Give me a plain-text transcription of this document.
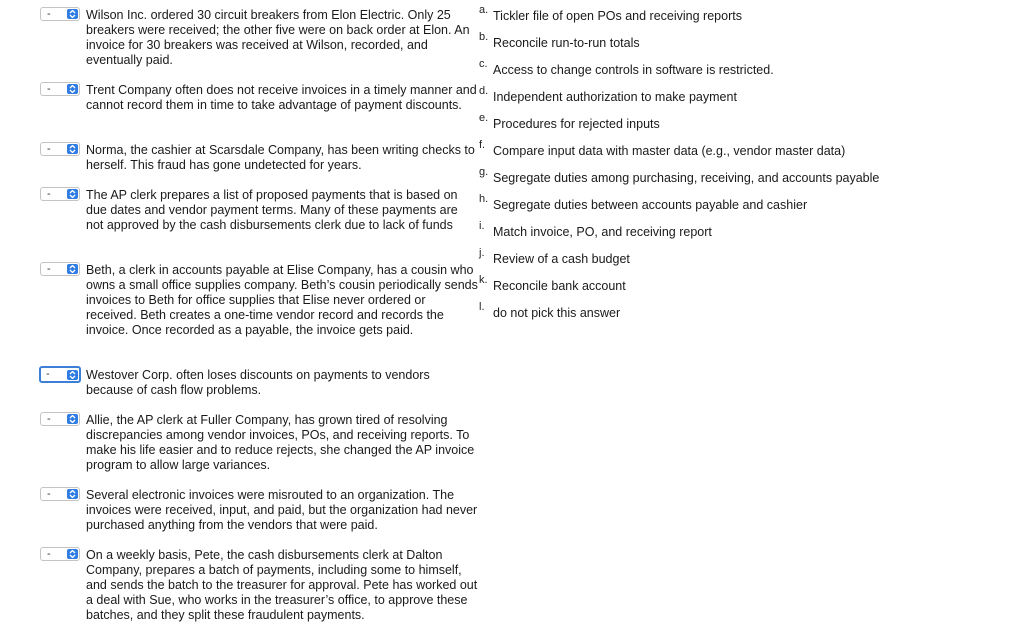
-	Wilson Inc. ordered 30 circuit breakers from Elon Electric. Only 25 breakers were received; the other five were on back order at Elon. An invoice for 30 breakers was received at Wilson, recorded, and eventually paid.
-	Trent Company often does not receive invoices in a timely manner and cannot record them in time to take advantage of payment discounts.
-	Norma, the cashier at Scarsdale Company, has been writing checks to herself. This fraud has gone undetected for years.
-	The AP clerk prepares a list of proposed payments that is based on due dates and vendor payment terms. Many of these payments are not approved by the cash disbursements clerk due to lack of funds
-	Beth, a clerk in accounts payable at Elise Company, has a cousin who owns a small office supplies company. Beth’s cousin periodically sends invoices to Beth for office supplies that Elise never ordered or received. Beth creates a one-time vendor record and records the invoice. Once recorded as a payable, the invoice gets paid.
-	Westover Corp. often loses discounts on payments to vendors because of cash flow problems.
-	Allie, the AP clerk at Fuller Company, has grown tired of resolving discrepancies among vendor invoices, POs, and receiving reports. To make his life easier and to reduce rejects, she changed the AP invoice program to allow large variances.
-	Several electronic invoices were misrouted to an organization. The invoices were received, input, and paid, but the organization had never purchased anything from the vendors that were paid.
-	On a weekly basis, Pete, the cash disbursements clerk at Dalton Company, prepares a batch of payments, including some to himself, and sends the batch to the treasurer for approval. Pete has worked out a deal with Sue, who works in the treasurer’s office, to approve these batches, and they split these fraudulent payments.
a. Tickler file of open POs and receiving reports
b. Reconcile run-to-run totals
c. Access to change controls in software is restricted.
d. Independent authorization to make payment
e. Procedures for rejected inputs
f. Compare input data with master data (e.g., vendor master data)
g. Segregate duties among purchasing, receiving, and accounts payable
h. Segregate duties between accounts payable and cashier
i. Match invoice, PO, and receiving report
j. Review of a cash budget
k. Reconcile bank account
l. do not pick this answer
